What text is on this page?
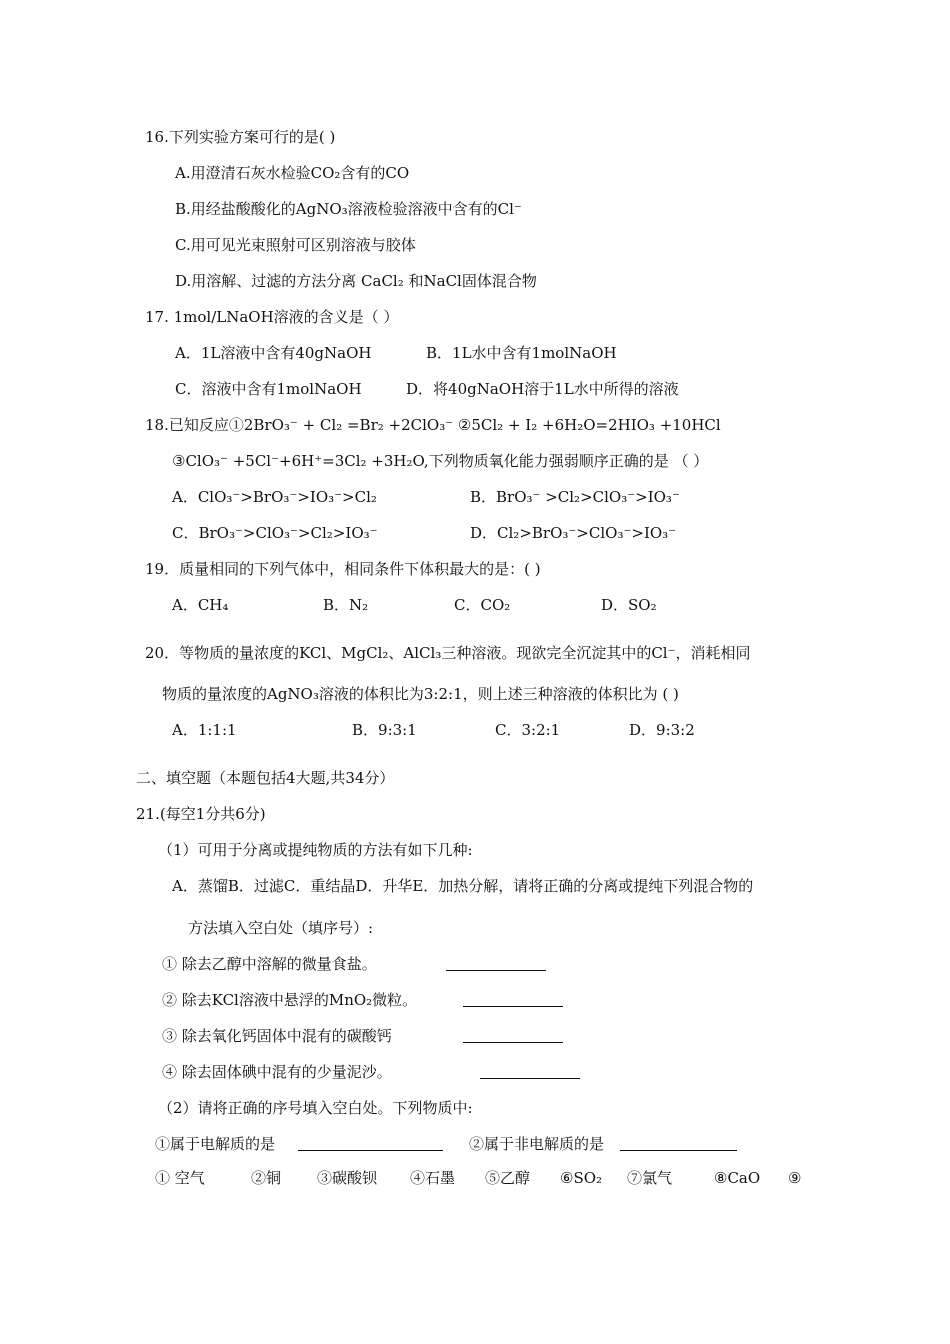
16.下列实验方案可行的是( )
A.用澄清石灰水检验CO₂含有的CO
B.用经盐酸酸化的AgNO₃溶液检验溶液中含有的Cl⁻
C.用可见光束照射可区别溶液与胶体
D.用溶解、过滤的方法分离 CaCl₂ 和NaCl固体混合物
17. 1mol/LNaOH溶液的含义是（ ）
A．1L溶液中含有40gNaOH	B．1L水中含有1molNaOH
C．溶液中含有1molNaOH	D．将40gNaOH溶于1L水中所得的溶液
18.已知反应①2BrO₃⁻ + Cl₂ =Br₂ +2ClO₃⁻ ②5Cl₂ + I₂ +6H₂O=2HIO₃ +10HCl
③ClO₃⁻ +5Cl⁻+6H⁺=3Cl₂ +3H₂O,下列物质氧化能力强弱顺序正确的是 （ ）
A．ClO₃⁻>BrO₃⁻>IO₃⁻>Cl₂	B．BrO₃⁻ >Cl₂>ClO₃⁻>IO₃⁻
C．BrO₃⁻>ClO₃⁻>Cl₂>IO₃⁻	D．Cl₂>BrO₃⁻>ClO₃⁻>IO₃⁻
19．质量相同的下列气体中，相同条件下体积最大的是：( )
A．CH₄	B．N₂	C．CO₂	D．SO₂
20．等物质的量浓度的KCl、MgCl₂、AlCl₃三种溶液。现欲完全沉淀其中的Cl⁻，消耗相同
物质的量浓度的AgNO₃溶液的体积比为3:2:1，则上述三种溶液的体积比为 ( )
A．1:1:1	B．9:3:1	C．3:2:1	D．9:3:2
二、填空题（本题包括4大题,共34分）
21.(每空1分共6分)
（1）可用于分离或提纯物质的方法有如下几种:
A．蒸馏B．过滤C．重结晶D．升华E．加热分解，请将正确的分离或提纯下列混合物的
方法填入空白处（填序号）:
① 除去乙醇中溶解的微量食盐。
② 除去KCl溶液中悬浮的MnO₂微粒。
③ 除去氧化钙固体中混有的碳酸钙
④ 除去固体碘中混有的少量泥沙。
（2）请将正确的序号填入空白处。下列物质中:
①属于电解质的是	②属于非电解质的是
① 空气	②铜 ③碳酸钡 ④石墨 ⑤乙醇 ⑥SO₂ ⑦氯气	⑧CaO ⑨
